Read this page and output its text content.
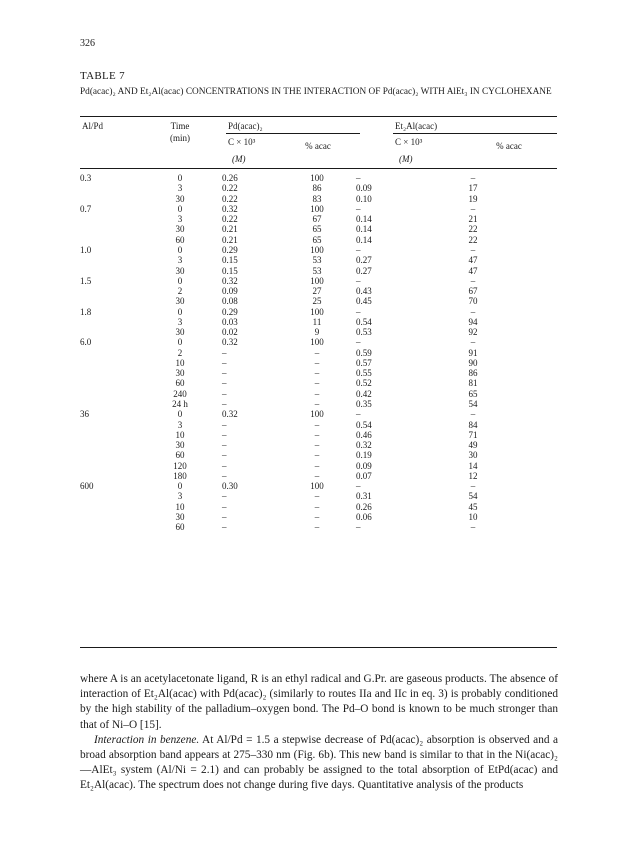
326
TABLE 7
Pd(acac)₂ AND Et₂Al(acac) CONCENTRATIONS IN THE INTERACTION OF Pd(acac)₂ WITH AlEt₃ IN CYCLOHEXANE
Al/Pd	Time
(min)
Pd(acac)₂	Et₂Al(acac)
C × 10³	% acac	C × 10³	% acac
(M)	(M)
0.3	0	0.26	100	–	–
	3	0.22	86	0.09	17
	30	0.22	83	0.10	19
0.7	0	0.32	100	–	–
	3	0.22	67	0.14	21
	30	0.21	65	0.14	22
	60	0.21	65	0.14	22
1.0	0	0.29	100	–	–
	3	0.15	53	0.27	47
	30	0.15	53	0.27	47
1.5	0	0.32	100	–	–
	2	0.09	27	0.43	67
	30	0.08	25	0.45	70
1.8	0	0.29	100	–	–
	3	0.03	11	0.54	94
	30	0.02	9	0.53	92
6.0	0	0.32	100	–	–
	2	–	–	0.59	91
	10	–	–	0.57	90
	30	–	–	0.55	86
	60	–	–	0.52	81
	240	–	–	0.42	65
	24 h	–	–	0.35	54
36	0	0.32	100	–	–
	3	–	–	0.54	84
	10	–	–	0.46	71
	30	–	–	0.32	49
	60	–	–	0.19	30
	120	–	–	0.09	14
	180	–	–	0.07	12
600	0	0.30	100	–	–
	3	–	–	0.31	54
	10	–	–	0.26	45
	30	–	–	0.06	10
	60	–	–	–	–

where A is an acetylacetonate ligand, R is an ethyl radical and G.Pr. are gaseous products. The absence of interaction of Et₂Al(acac) with Pd(acac)₂ (similarly to routes IIa and IIc in eq. 3) is probably conditioned by the high stability of the palladium–oxygen bond. The Pd–O bond is known to be much stronger than that of Ni–O [15].

Interaction in benzene. At Al/Pd = 1.5 a stepwise decrease of Pd(acac)₂ absorption is observed and a broad absorption band appears at 275–330 nm (Fig. 6b). This new band is similar to that in the Ni(acac)₂—AlEt₃ system (Al/Ni = 2.1) and can probably be assigned to the total absorption of EtPd(acac) and Et₂Al(acac). The spectrum does not change during five days. Quantitative analysis of the products
